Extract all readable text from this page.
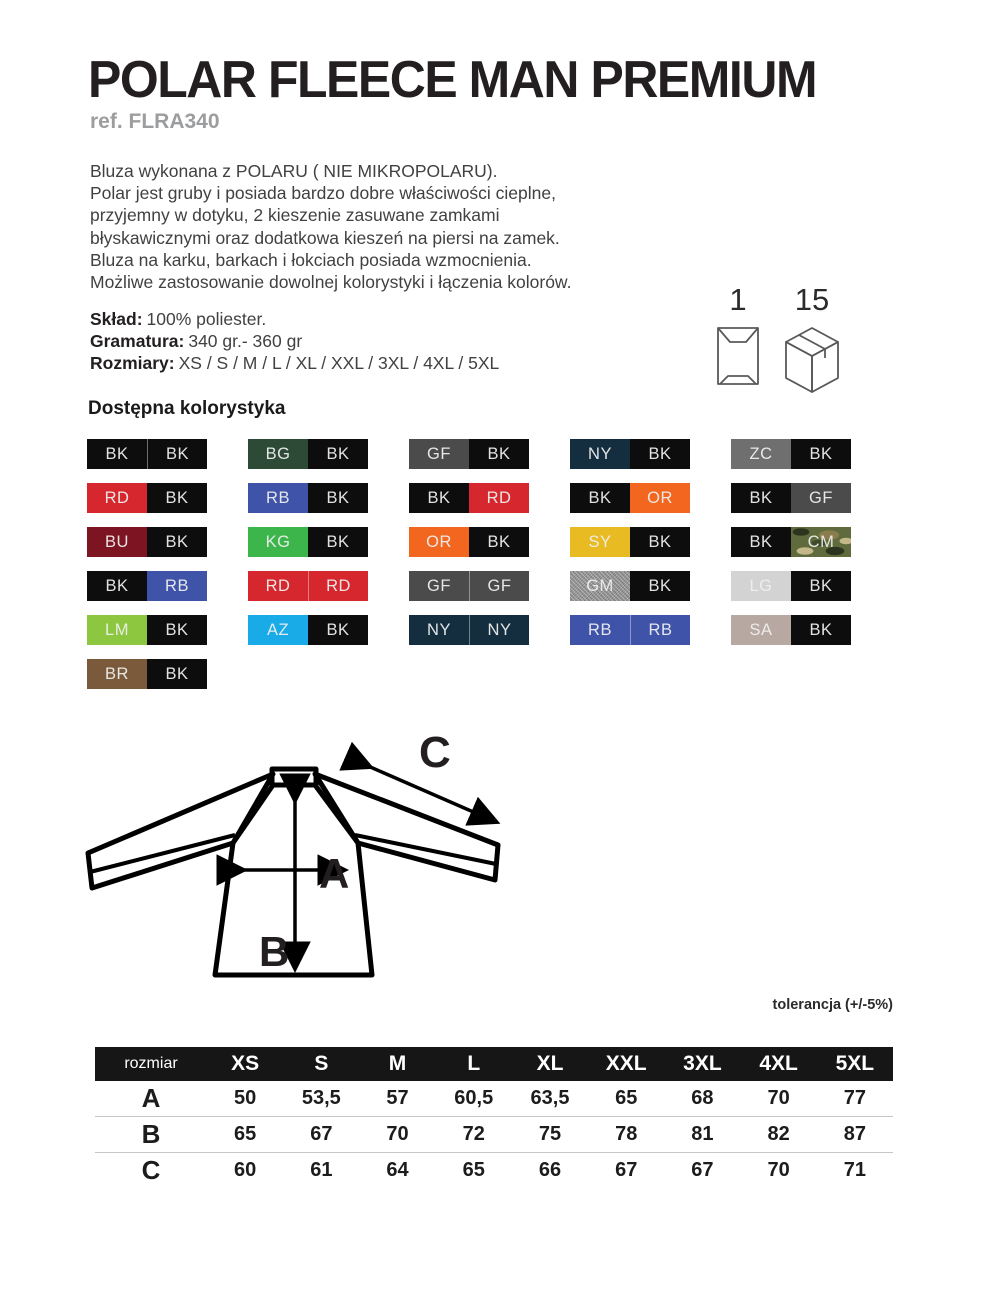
POLAR FLEECE MAN PREMIUM
ref. FLRA340
Bluza wykonana z POLARU ( NIE MIKROPOLARU).
Polar jest gruby i posiada bardzo dobre właściwości cieplne,
przyjemny w dotyku, 2 kieszenie zasuwane zamkami
błyskawicznymi oraz dodatkowa kieszeń na piersi na zamek.
Bluza na karku, barkach i łokciach posiada wzmocnienia.
Możliwe zastosowanie dowolnej kolorystyki i łączenia kolorów.
Skład: 100% poliester.
Gramatura: 340 gr.- 360 gr
Rozmiary: XS / S / M / L / XL / XXL / 3XL / 4XL / 5XL
1 15
Dostępna kolorystyka
BK	BK
RD	BK
BU	BK
BK	RB
LM	BK
BR	BK
BG	BK
RB	BK
KG	BK
RD	RD
AZ	BK
GF	BK
BK	RD
OR	BK
GF	GF
NY	NY
NY	BK
BK	OR
SY	BK
GM	BK
RB	RB
ZC	BK
BK	GF
BK	CM
LG	BK
SA	BK
A
B
C
tolerancja (+/-5%)
rozmiar	XS	S	M	L	XL	XXL	3XL	4XL	5XL
A	50	53,5	57	60,5	63,5	65	68	70	77
B	65	67	70	72	75	78	81	82	87
C	60	61	64	65	66	67	67	70	71
